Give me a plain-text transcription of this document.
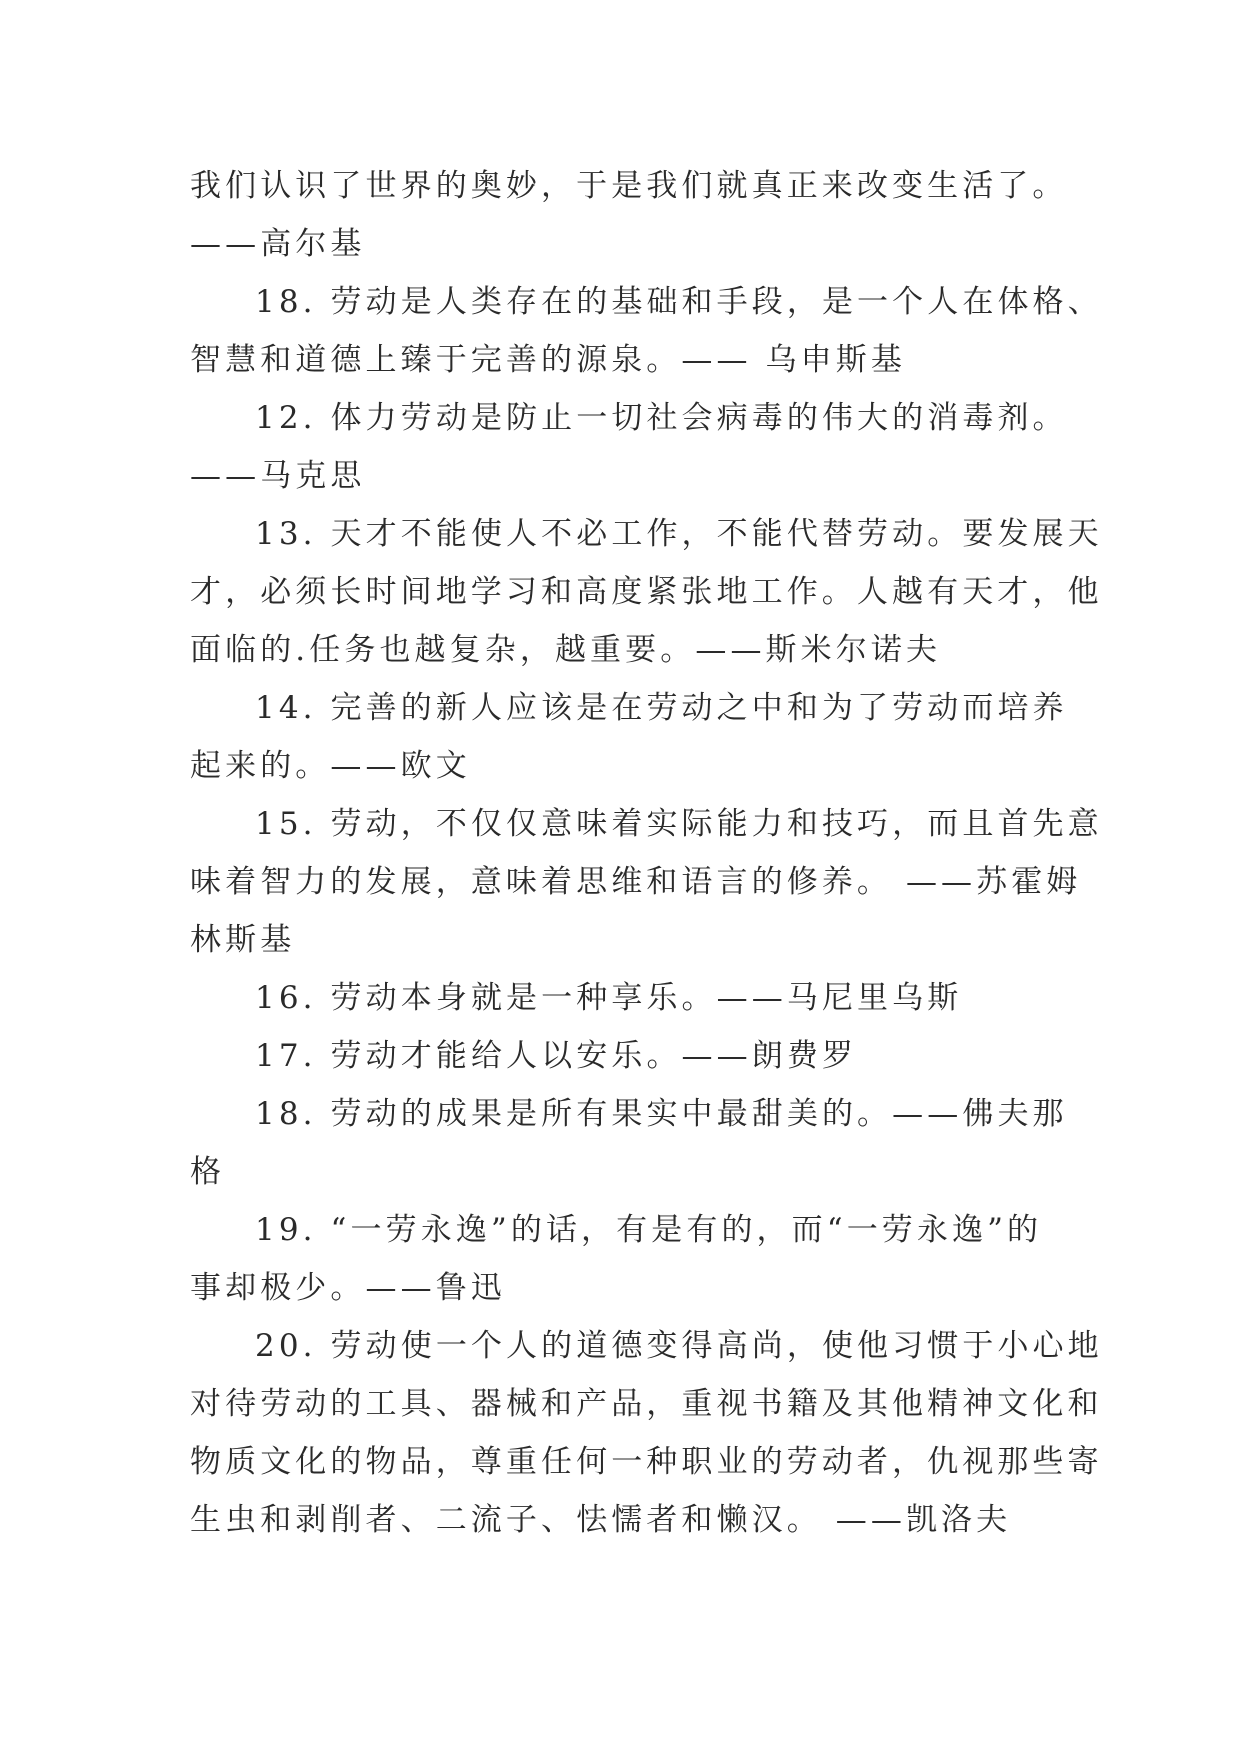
我们认识了世界的奥妙，于是我们就真正来改变生活了。
——高尔基
18. 劳动是人类存在的基础和手段，是一个人在体格、
智慧和道德上臻于完善的源泉。—— 乌申斯基
12. 体力劳动是防止一切社会病毒的伟大的消毒剂。
——马克思
13. 天才不能使人不必工作，不能代替劳动。要发展天
才，必须长时间地学习和高度紧张地工作。人越有天才，他
面临的.任务也越复杂，越重要。——斯米尔诺夫
14. 完善的新人应该是在劳动之中和为了劳动而培养
起来的。——欧文
15. 劳动，不仅仅意味着实际能力和技巧，而且首先意
味着智力的发展，意味着思维和语言的修养。 ——苏霍姆
林斯基
16. 劳动本身就是一种享乐。——马尼里乌斯
17. 劳动才能给人以安乐。——朗费罗
18. 劳动的成果是所有果实中最甜美的。——佛夫那
格
19. “一劳永逸”的话，有是有的，而“一劳永逸”的
事却极少。——鲁迅
20. 劳动使一个人的道德变得高尚，使他习惯于小心地
对待劳动的工具、器械和产品，重视书籍及其他精神文化和
物质文化的物品，尊重任何一种职业的劳动者，仇视那些寄
生虫和剥削者、二流子、怯懦者和懒汉。 ——凯洛夫
